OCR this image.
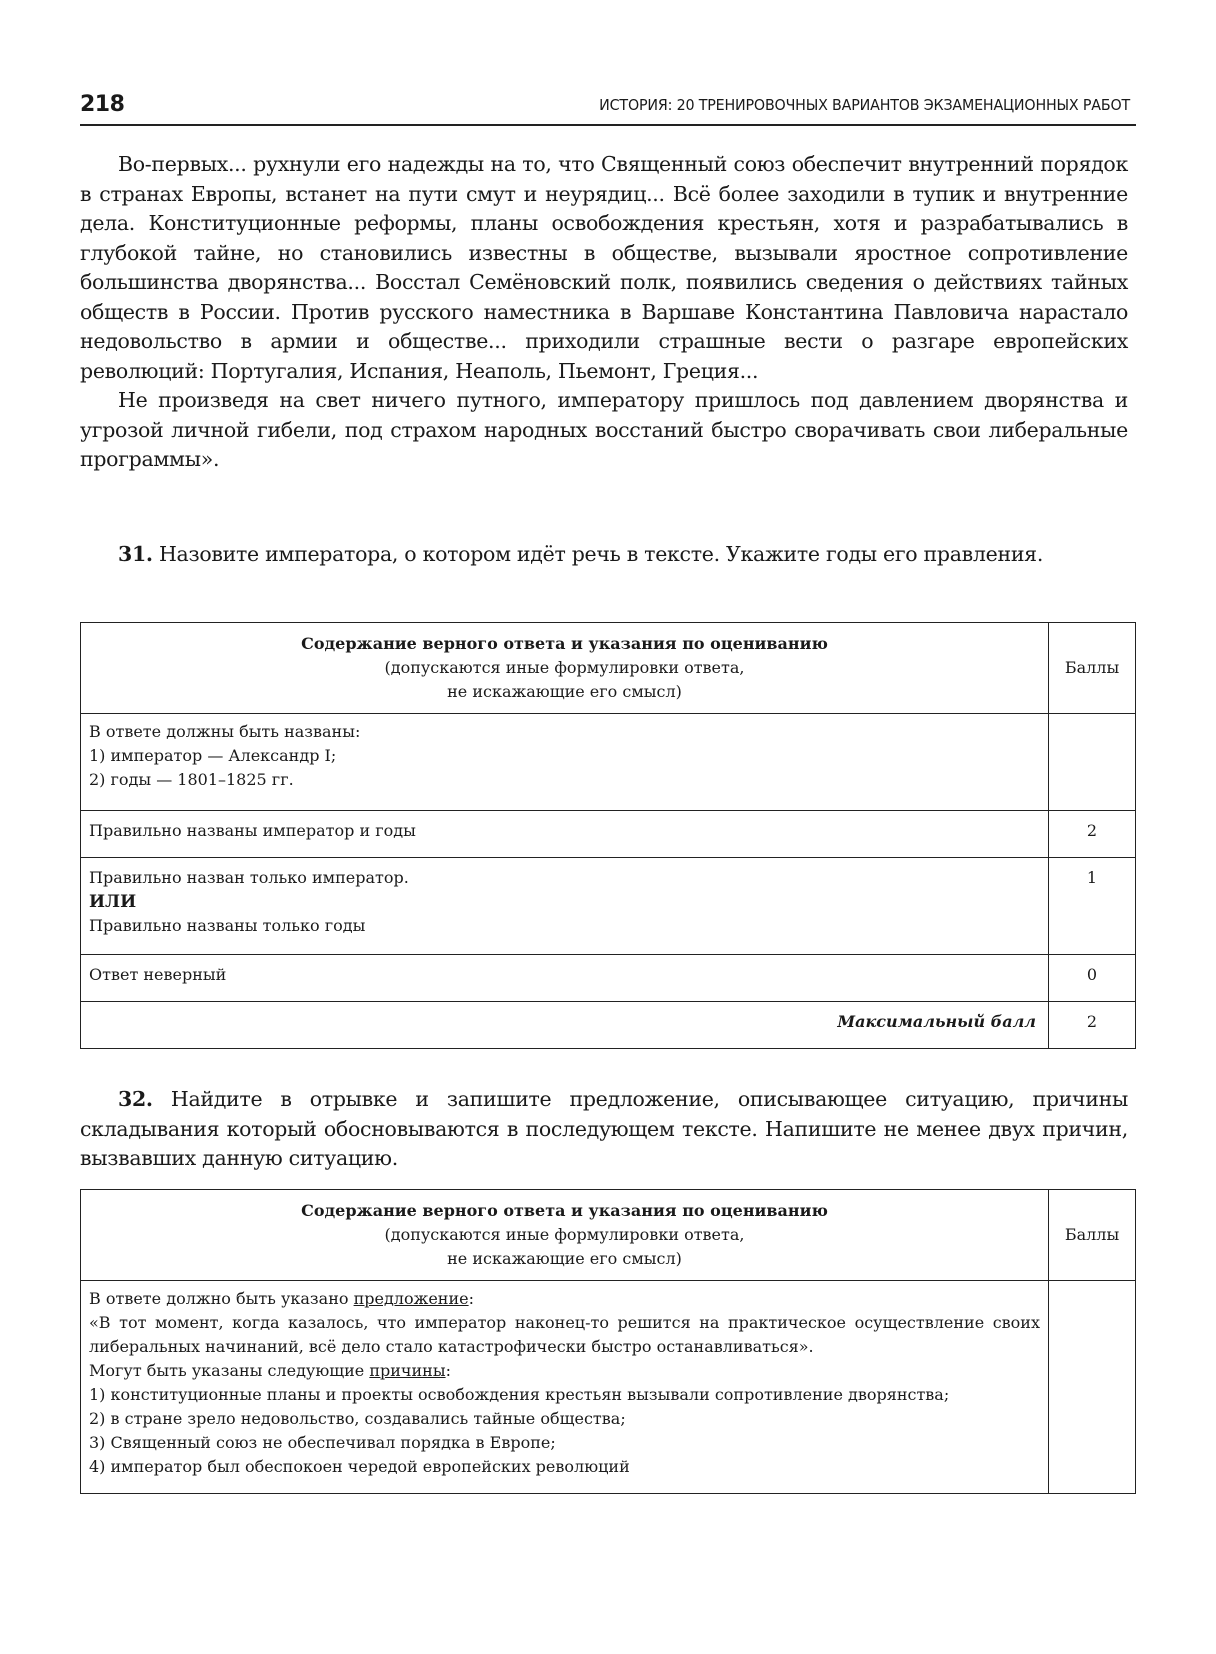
218	ИСТОРИЯ: 20 ТРЕНИРОВОЧНЫХ ВАРИАНТОВ ЭКЗАМЕНАЦИОННЫХ РАБОТ

Во-первых... рухнули его надежды на то, что Священный союз обеспечит внутренний порядок в странах Европы, встанет на пути смут и неурядиц... Всё более заходили в тупик и внутренние дела. Конституционные реформы, планы освобождения крестьян, хотя и разрабатывались в глубокой тайне, но становились известны в обществе, вызывали яростное сопротивление большинства дворянства... Восстал Семёновский полк, появились сведения о действиях тайных обществ в России. Против русского наместника в Варшаве Константина Павловича нарастало недовольство в армии и обществе... приходили страшные вести о разгаре европейских революций: Португалия, Испания, Неаполь, Пьемонт, Греция...

Не произведя на свет ничего путного, императору пришлось под давлением дворянства и угрозой личной гибели, под страхом народных восстаний быстро сворачивать свои либеральные программы».

31. Назовите императора, о котором идёт речь в тексте. Укажите годы его правления.

Содержание верного ответа и указания по оцениванию
(допускаются иные формулировки ответа,
не искажающие его смысл)	Баллы

В ответе должны быть названы:
1) император — Александр I;
2) годы — 1801–1825 гг.	

Правильно названы император и годы	2

Правильно назван только император.
ИЛИ
Правильно названы только годы	1
Ответ неверный	0
Максимальный балл	2

32. Найдите в отрывке и запишите предложение, описывающее ситуацию, причины складывания который обосновываются в последующем тексте. Напишите не менее двух причин, вызвавших данную ситуацию.

Содержание верного ответа и указания по оцениванию
(допускаются иные формулировки ответа,
не искажающие его смысл)	Баллы

В ответе должно быть указано предложение:
«В тот момент, когда казалось, что император наконец-то решится на практическое осуществление своих либеральных начинаний, всё дело стало катастрофически быстро останавливаться».
Могут быть указаны следующие причины:
1) конституционные планы и проекты освобождения крестьян вызывали сопротивление дворянства;
2) в стране зрело недовольство, создавались тайные общества;
3) Священный союз не обеспечивал порядка в Европе;
4) император был обеспокоен чередой европейских революций
